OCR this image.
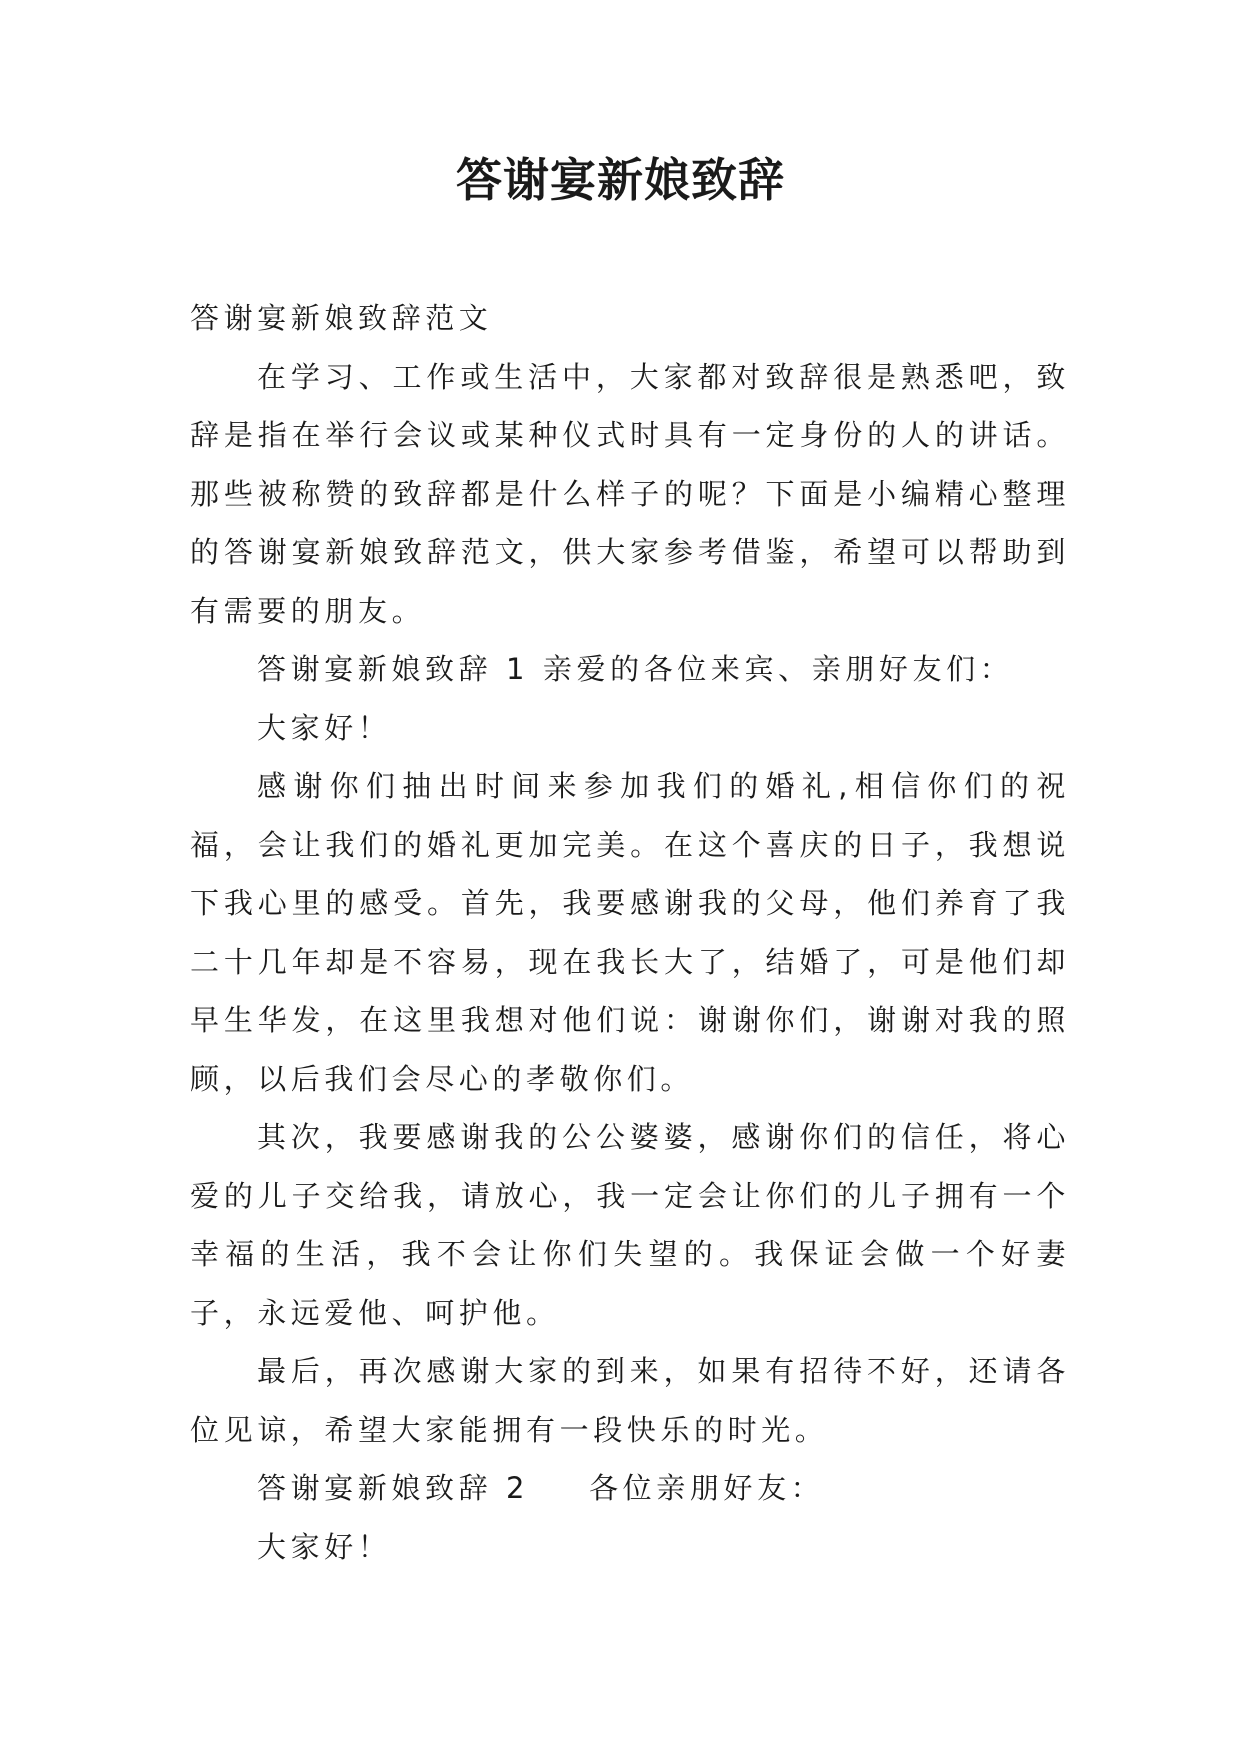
答谢宴新娘致辞

答谢宴新娘致辞范文

在学习、工作或生活中，大家都对致辞很是熟悉吧，致辞是指在举行会议或某种仪式时具有一定身份的人的讲话。那些被称赞的致辞都是什么样子的呢？下面是小编精心整理的答谢宴新娘致辞范文，供大家参考借鉴，希望可以帮助到有需要的朋友。

答谢宴新娘致辞 1 亲爱的各位来宾、亲朋好友们：

大家好！

感谢你们抽出时间来参加我们的婚礼,相信你们的祝福，会让我们的婚礼更加完美。在这个喜庆的日子，我想说下我心里的感受。首先，我要感谢我的父母，他们养育了我二十几年却是不容易，现在我长大了，结婚了，可是他们却早生华发，在这里我想对他们说：谢谢你们，谢谢对我的照顾，以后我们会尽心的孝敬你们。

其次，我要感谢我的公公婆婆，感谢你们的信任，将心爱的儿子交给我，请放心，我一定会让你们的儿子拥有一个幸福的生活，我不会让你们失望的。我保证会做一个好妻子，永远爱他、呵护他。

最后，再次感谢大家的到来，如果有招待不好，还请各位见谅，希望大家能拥有一段快乐的时光。

答谢宴新娘致辞 2 各位亲朋好友：

大家好！
